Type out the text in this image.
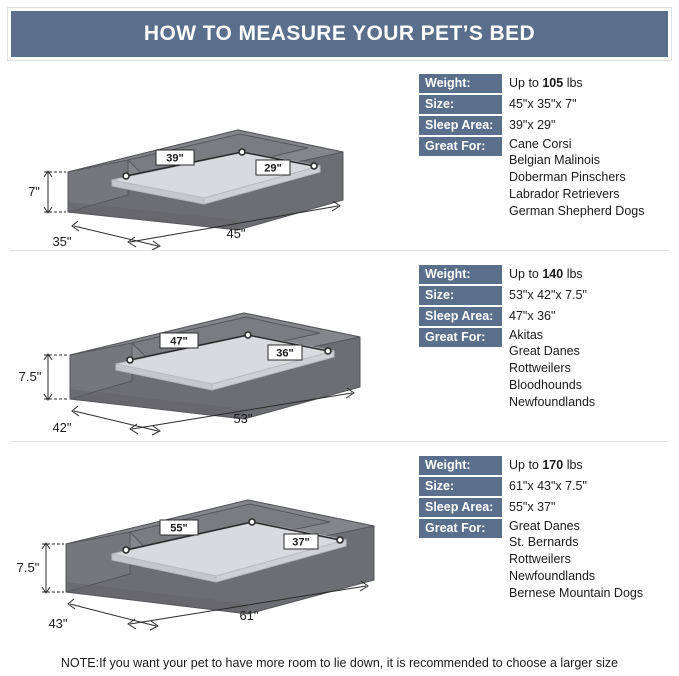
HOW TO MEASURE YOUR PET’S BED
39"
29"
7"
35"
45"
Weight:	Up to 105 lbs
Size:	45"x 35"x 7"
Sleep Area:	39"x 29"
Great For:	Cane Corsi
Belgian Malinois
Doberman Pinschers
Labrador Retrievers
German Shepherd Dogs
47"
36"
7.5"
42"
53"
Weight:	Up to 140 lbs
Size:	53"x 42"x 7.5"
Sleep Area:	47"x 36"
Great For:	Akitas
Great Danes
Rottweilers
Bloodhounds
Newfoundlands
55"
37"
7.5"
43"
61"
Weight:	Up to 170 lbs
Size:	61"x 43"x 7.5"
Sleep Area:	55"x 37"
Great For:	Great Danes
St. Bernards
Rottweilers
Newfoundlands
Bernese Mountain Dogs
NOTE:If you want your pet to have more room to lie down, it is recommended to choose a larger size
